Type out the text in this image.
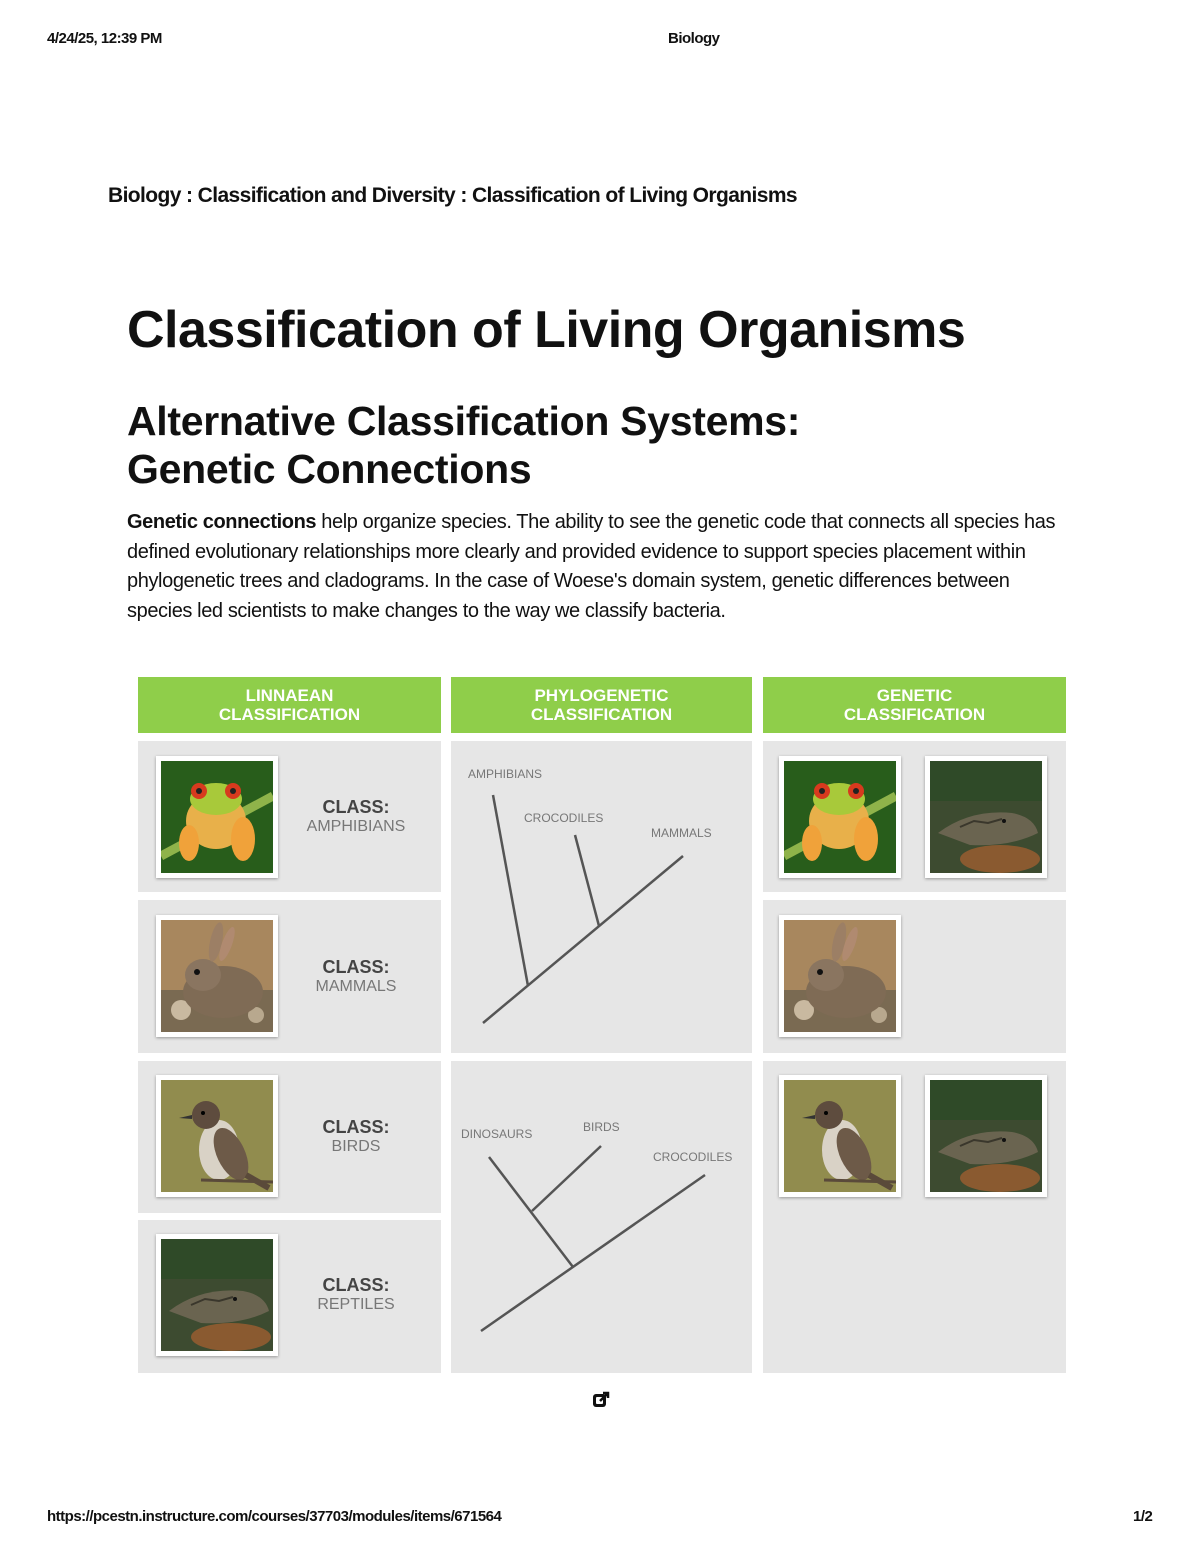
4/24/25, 12:39 PM	Biology
Biology : Classification and Diversity : Classification of Living Organisms
Classification of Living Organisms
Alternative Classification Systems:
Genetic Connections
Genetic connections help organize species. The ability to see the genetic code that connects all species has defined evolutionary relationships more clearly and provided evidence to support species placement within phylogenetic trees and cladograms. In the case of Woese's domain system, genetic differences between species led scientists to make changes to the way we classify bacteria.
LINNAEAN
CLASSIFICATION
PHYLOGENETIC
CLASSIFICATION
GENETIC
CLASSIFICATION
CLASS:
AMPHIBIANS
CLASS:
MAMMALS
CLASS:
BIRDS
CLASS:
REPTILES
AMPHIBIANS
CROCODILES
MAMMALS
DINOSAURS	BIRDS
CROCODILES
https://pcestn.instructure.com/courses/37703/modules/items/671564	1/2
